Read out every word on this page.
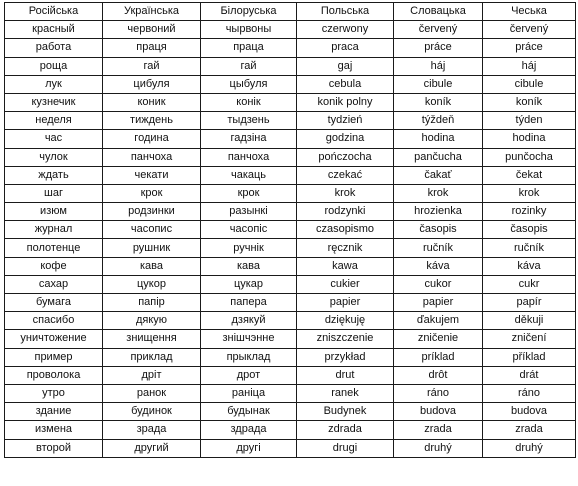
Російська	Українська	Білоруська	Польська	Словацька	Чеська
красный	червоний	чырвоны	czerwony	červený	červený
работа	праця	праца	praca	práce	práce
роща	гай	гай	gaj	háj	háj
лук	цибуля	цыбуля	cebula	cibule	cibule
кузнечик	коник	конік	konik polny	koník	koník
неделя	тиждень	тыдзень	tydzień	týždeň	týden
час	година	гадзіна	godzina	hodina	hodina
чулок	панчоха	панчоха	pończocha	pančucha	punčocha
ждать	чекати	чакаць	czekać	čakať	čekat
шаг	крок	крок	krok	krok	krok
изюм	родзинки	разынкі	rodzynki	hrozienka	rozinky
журнал	часопис	часопіс	czasopismo	časopis	časopis
полотенце	рушник	ручнік	ręcznik	ručník	ručník
кофе	кава	кава	kawa	káva	káva
сахар	цукор	цукар	cukier	cukor	cukr
бумага	папір	папера	papier	papier	papír
спасибо	дякую	дзякуй	dziękuję	ďakujem	děkuji
уничтожение	знищення	знішчэнне	zniszczenie	zničenie	zničení
пример	приклад	прыклад	przykład	príklad	příklad
проволока	дріт	дрот	drut	drôt	drát
утро	ранок	раніца	ranek	ráno	ráno
здание	будинок	будынак	Budynek	budova	budova
измена	зрада	здрада	zdrada	zrada	zrada
второй	другий	другі	drugi	druhý	druhý
